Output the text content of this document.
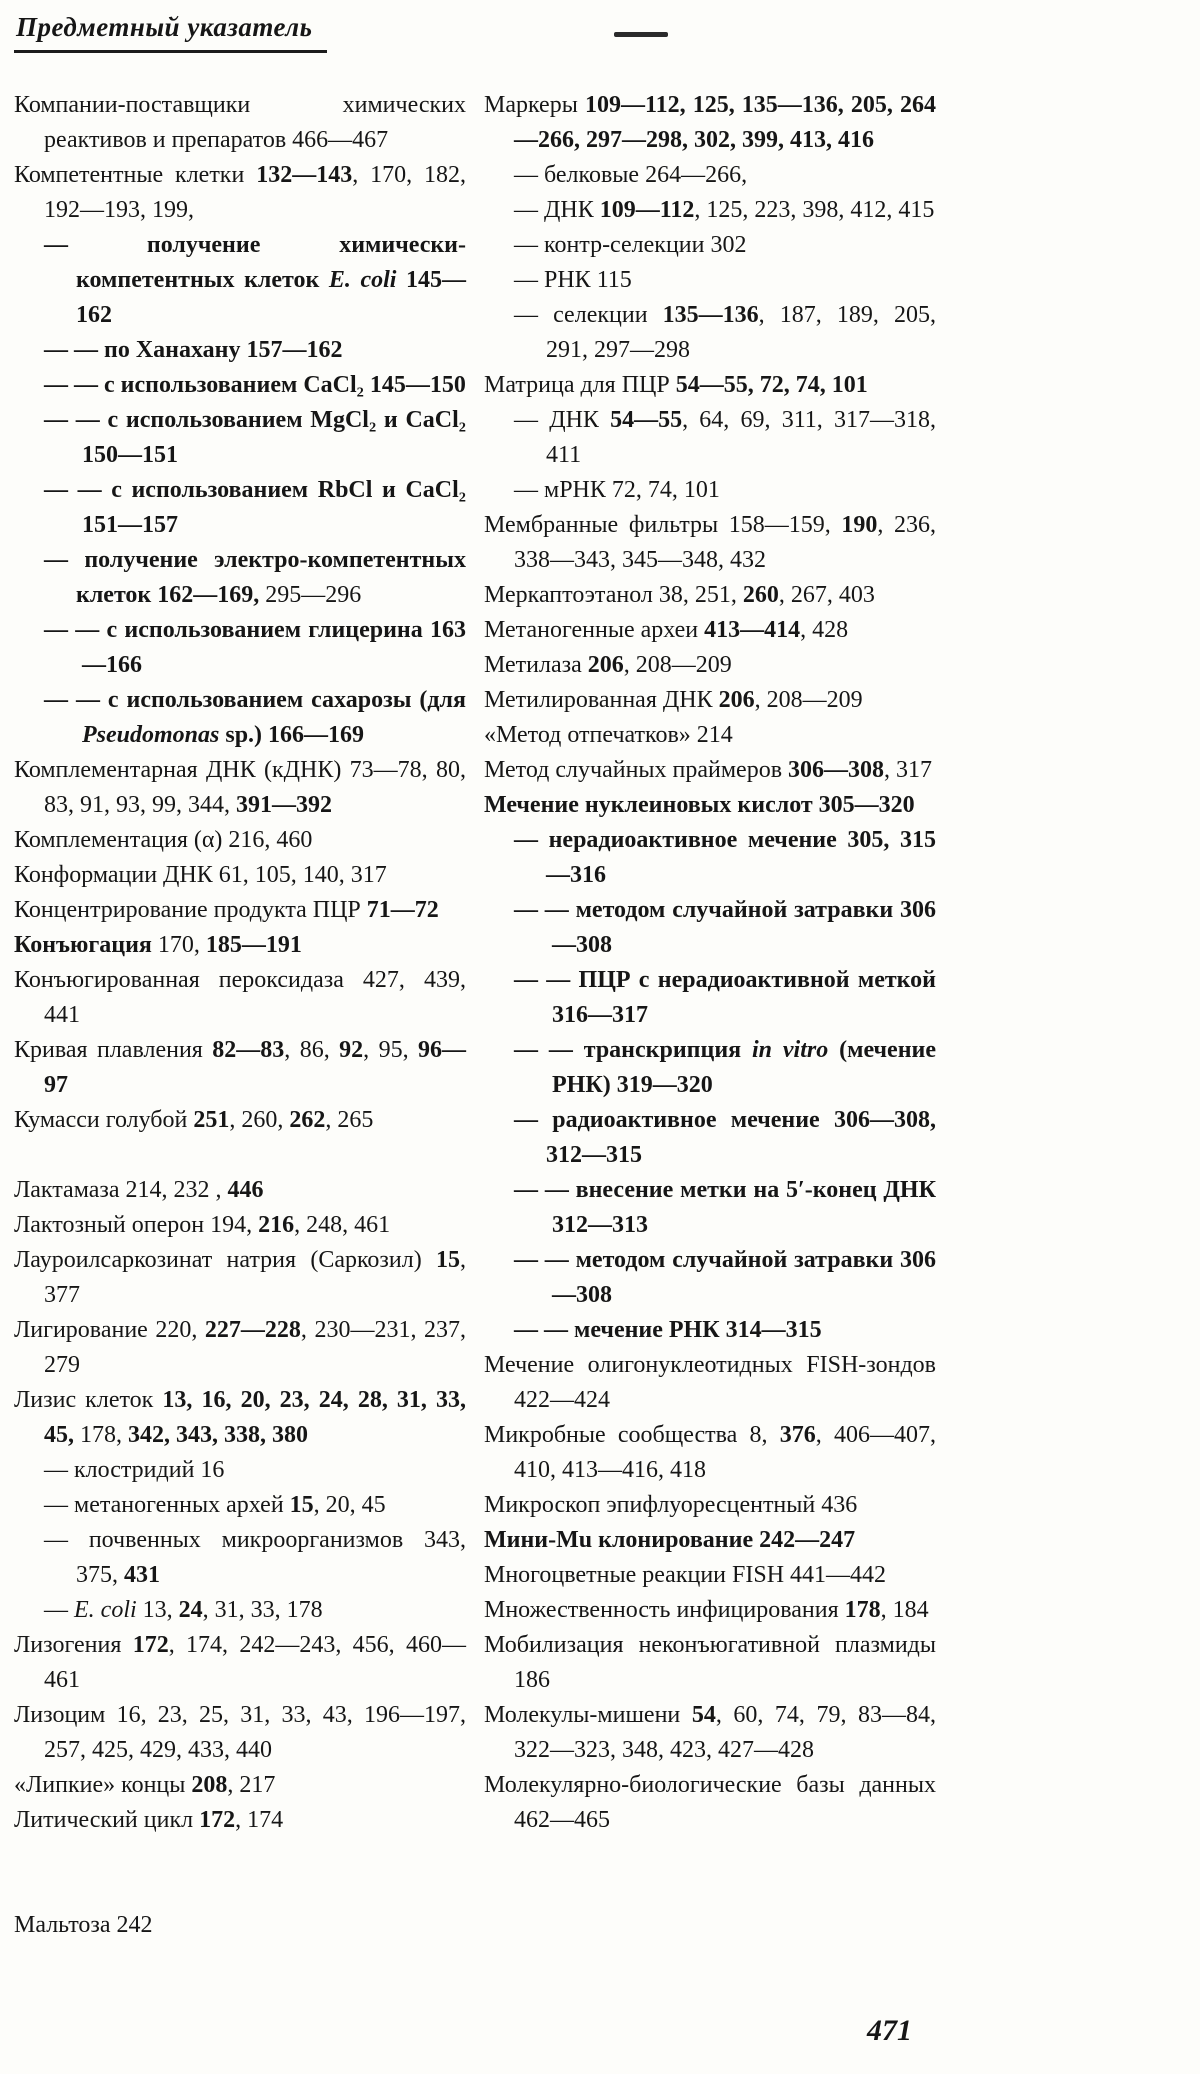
Предметный указатель
Компании-поставщики химических реактивов и препаратов 466—467
Компетентные клетки 132—143, 170, 182, 192—193, 199,
— получение химически-компетентных клеток E. coli 145—162
— — по Ханахану 157—162
— — с использованием CaCl₂ 145—150
— — с использованием MgCl₂ и CaCl₂ 150—151
— — с использованием RbCl и CaCl₂ 151—157
— получение электро-компетентных клеток 162—169, 295—296
— — с использованием глицерина 163—166
— — с использованием сахарозы (для Pseudomonas sp.) 166—169
Комплементарная ДНК (кДНК) 73—78, 80, 83, 91, 93, 99, 344, 391—392
Комплементация (α) 216, 460
Конформации ДНК 61, 105, 140, 317
Концентрирование продукта ПЦР 71—72
Конъюгация 170, 185—191
Конъюгированная пероксидаза 427, 439, 441
Кривая плавления 82—83, 86, 92, 95, 96—97
Кумасси голубой 251, 260, 262, 265
Лактамаза 214, 232 , 446
Лактозный оперон 194, 216, 248, 461
Лауроилсаркозинат натрия (Саркозил) 15, 377
Лигирование 220, 227—228, 230—231, 237, 279
Лизис клеток 13, 16, 20, 23, 24, 28, 31, 33, 45, 178, 342, 343, 338, 380
— клостридий 16
— метаногенных архей 15, 20, 45
— почвенных микроорганизмов 343, 375, 431
— E. coli 13, 24, 31, 33, 178
Лизогения 172, 174, 242—243, 456, 460—461
Лизоцим 16, 23, 25, 31, 33, 43, 196—197, 257, 425, 429, 433, 440
«Липкие» концы 208, 217
Литический цикл 172, 174
Мальтоза 242
Маркеры 109—112, 125, 135—136, 205, 264—266, 297—298, 302, 399, 413, 416
— белковые 264—266,
— ДНК 109—112, 125, 223, 398, 412, 415
— контр-селекции 302
— РНК 115
— селекции 135—136, 187, 189, 205, 291, 297—298
Матрица для ПЦР 54—55, 72, 74, 101
— ДНК 54—55, 64, 69, 311, 317—318, 411
— мРНК 72, 74, 101
Мембранные фильтры 158—159, 190, 236, 338—343, 345—348, 432
Меркаптоэтанол 38, 251, 260, 267, 403
Метаногенные археи 413—414, 428
Метилаза 206, 208—209
Метилированная ДНК 206, 208—209
«Метод отпечатков» 214
Метод случайных праймеров 306—308, 317
Мечение нуклеиновых кислот 305—320
— нерадиоактивное мечение 305, 315—316
— — методом случайной затравки 306—308
— — ПЦР с нерадиоактивной меткой 316—317
— — транскрипция in vitro (мечение РНК) 319—320
— радиоактивное мечение 306—308, 312—315
— — внесение метки на 5′-конец ДНК 312—313
— — методом случайной затравки 306—308
— — мечение РНК 314—315
Мечение олигонуклеотидных FISH-зондов 422—424
Микробные сообщества 8, 376, 406—407, 410, 413—416, 418
Микроскоп эпифлуоресцентный 436
Мини-Mu клонирование 242—247
Многоцветные реакции FISH 441—442
Множественность инфицирования 178, 184
Мобилизация неконъюгативной плазмиды 186
Молекулы-мишени 54, 60, 74, 79, 83—84, 322—323, 348, 423, 427—428
Молекулярно-биологические базы данных 462—465
471
